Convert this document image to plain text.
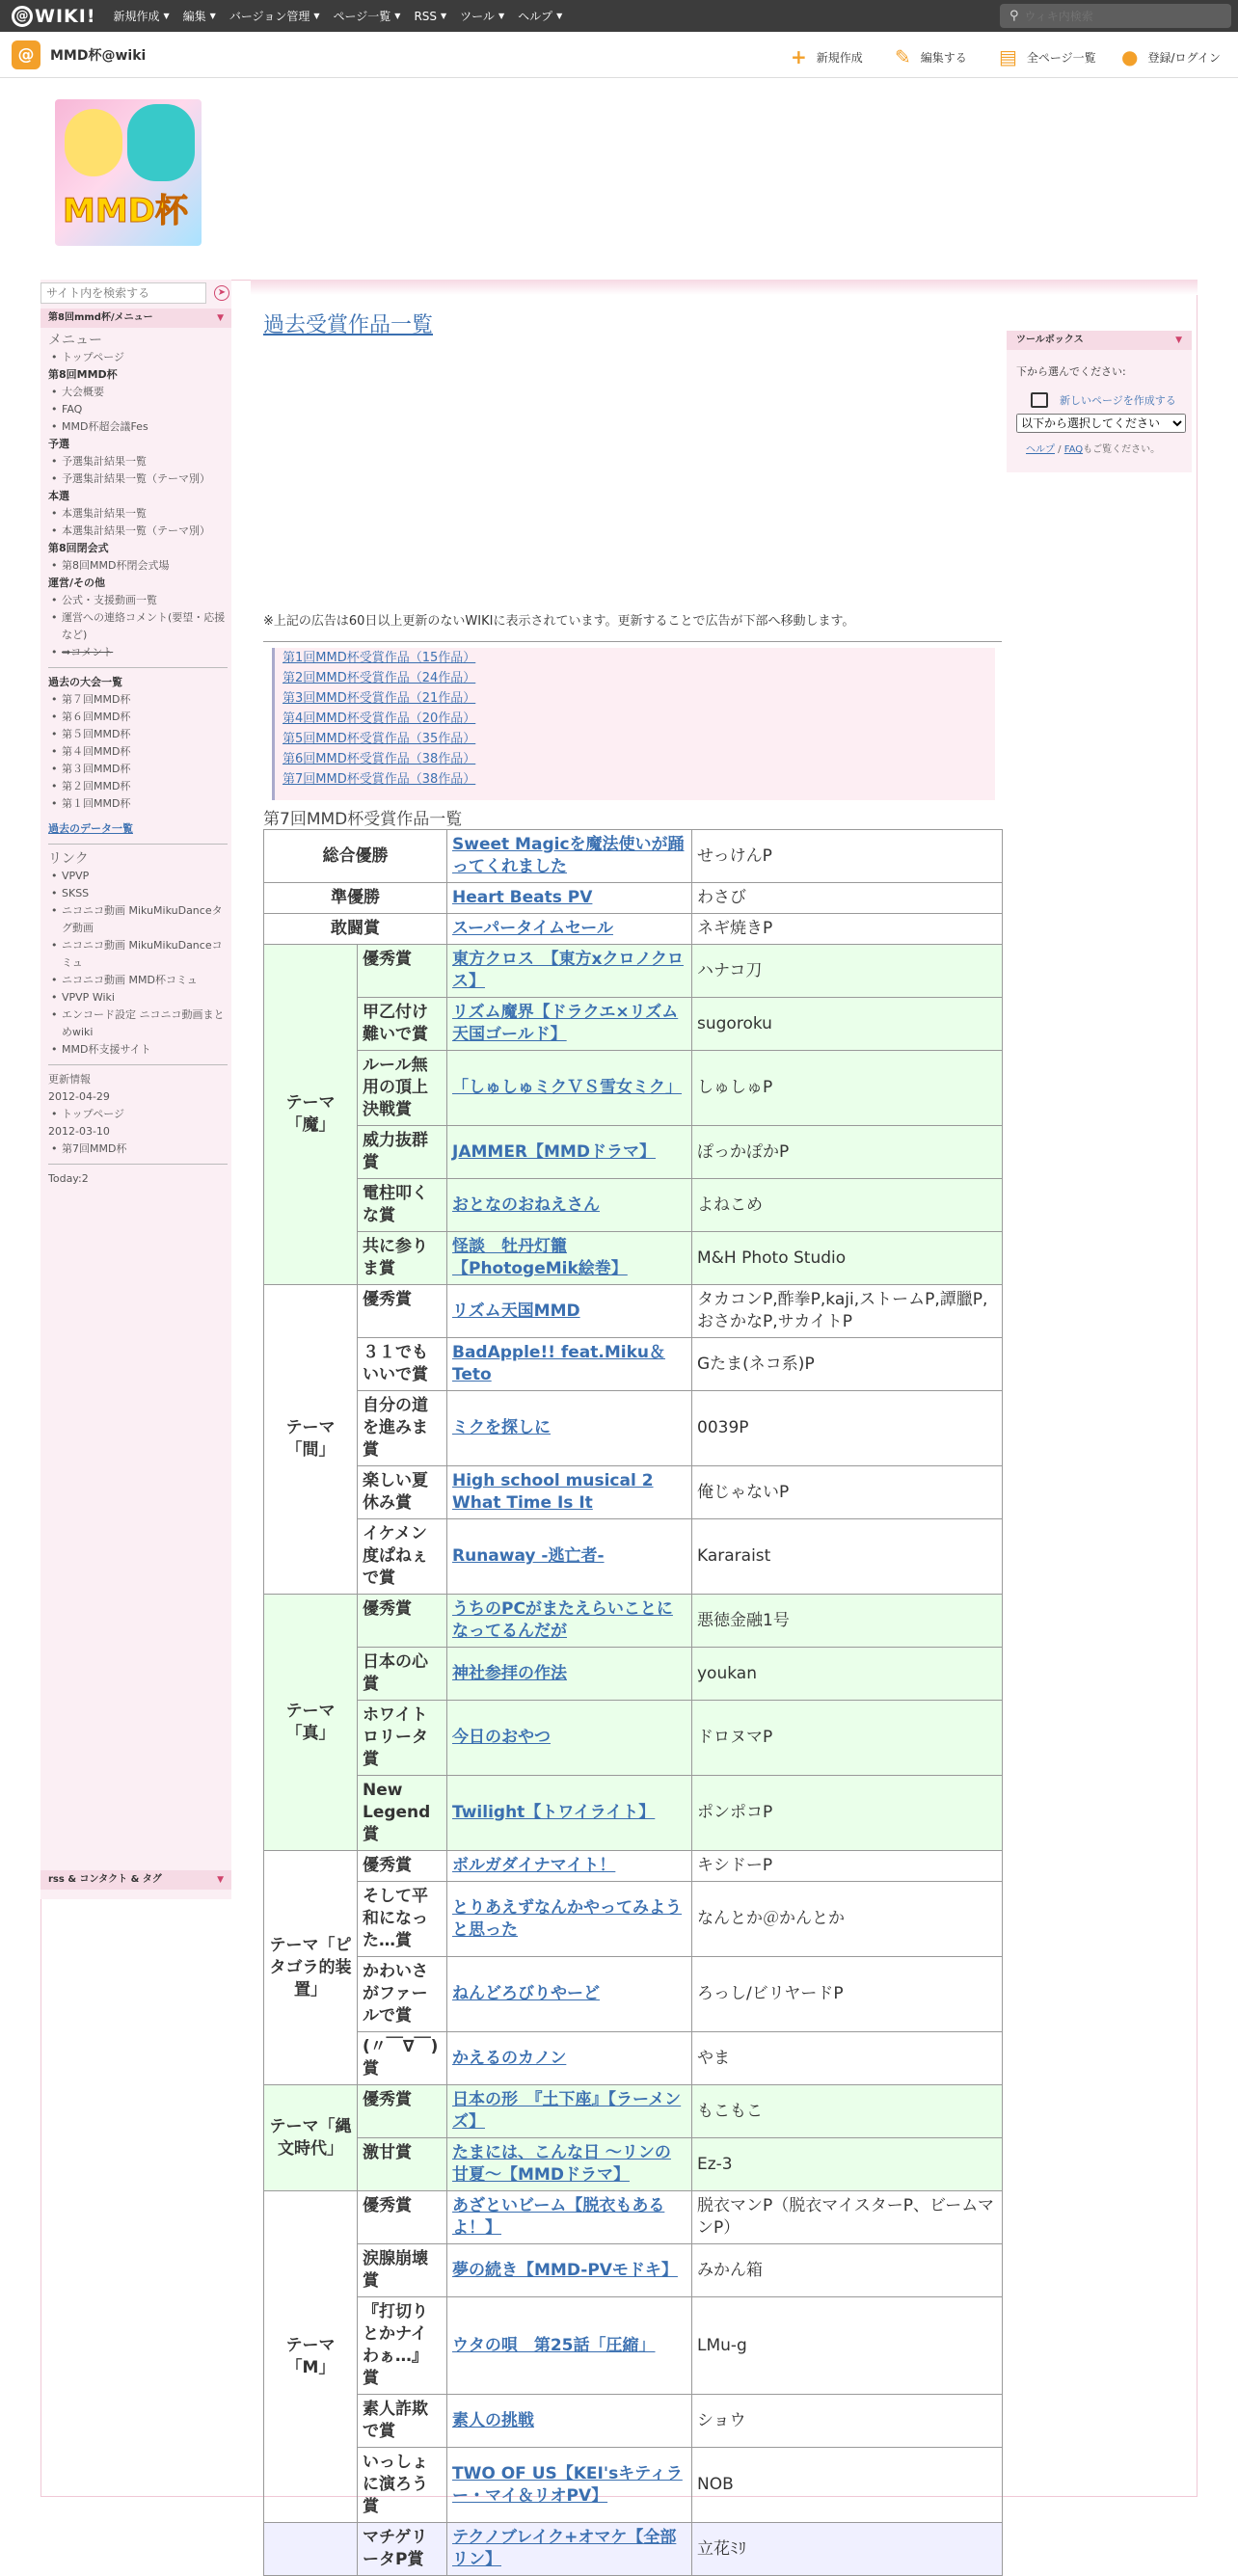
@ WIKI! 新規作成 ▼ 編集 ▼ バージョン管理 ▼ ページ一覧 ▼ RSS ▼ ツール ▼ ヘルプ ▼	⚲
ウィキ内検索
@	MMD杯@wiki	+ 新規作成 ✎ 編集する ▤ 全ページ一覧 ● 登録/ログイン
MMD杯
サイト内を検索する
➤
第8回mmd杯/メニュー	▼
メニュー
• トップページ
第8回MMD杯
• 大会概要
• FAQ
• MMD杯超会議Fes
予選
• 予選集計結果一覧
• 予選集計結果一覧（テーマ別）
本選
• 本選集計結果一覧
• 本選集計結果一覧（テーマ別）
第8回閉会式
• 第8回MMD杯閉会式場
運営/その他
• 公式・支援動画一覧
• 運営への連絡コメント(要望・応援など)
• ⇒コメント
過去の大会一覧
• 第７回MMD杯
• 第６回MMD杯
• 第５回MMD杯
• 第４回MMD杯
• 第３回MMD杯
• 第２回MMD杯
• 第１回MMD杯
過去のデータ一覧
リンク
• VPVP
• SKSS
• ニコニコ動画 MikuMikuDanceタグ動画
• ニコニコ動画 MikuMikuDanceコミュ
• ニコニコ動画 MMD杯コミュ
• VPVP Wiki
• エンコード設定 ニコニコ動画まとめwiki
• MMD杯支援サイト
更新情報
2012-04-29
• トップページ
2012-03-10
• 第7回MMD杯
Today:2
rss & コンタクト & タグ	▼
ツールボックス	▼
下から選んでください:
新しいページを作成する
以下から選択してください
ヘルプ / FAQもご覧ください。
過去受賞作品一覧
※上記の広告は60日以上更新のないWIKIに表示されています。更新することで広告が下部へ移動します。
第1回MMD杯受賞作品（15作品）
第2回MMD杯受賞作品（24作品）
第3回MMD杯受賞作品（21作品）
第4回MMD杯受賞作品（20作品）
第5回MMD杯受賞作品（35作品）
第6回MMD杯受賞作品（38作品）
第7回MMD杯受賞作品（38作品）
第7回MMD杯受賞作品一覧
総合優勝		Sweet Magicを魔法使いが踊ってくれました	せっけんP
準優勝		Heart Beats PV	わさび
敢闘賞		スーパータイムセール	ネギ焼きP
テーマ「魔」	優秀賞	東方クロス　【東方xクロノクロス】	ハナコ刀
	甲乙付け難いで賞	リズム魔界【ドラクエ×リズム天国ゴールド】	sugoroku
	ルール無用の頂上決戦賞	「しゅしゅミクＶＳ雪女ミク」	しゅしゅP
	威力抜群賞	JAMMER【MMDドラマ】	ぽっかぽかP
	電柱叩くな賞	おとなのおねえさん	よねこめ
	共に参りま賞	怪談　牡丹灯籠【PhotogeMik絵巻】	M&H Photo Studio
テーマ「間」	優秀賞	リズム天国MMD	タカコンP,酢拳P,kaji,ストームP,譚臘P,おさかなP,サカイトP
	３１でもいいで賞	BadApple!! feat.Miku＆Teto	Gたま(ネコ系)P
	自分の道を進みま賞	ミクを探しに	0039P
	楽しい夏休み賞	High school musical 2 What Time Is It	俺じゃないP
	イケメン度ぱねぇで賞	Runaway -逃亡者-	Kararaist
テーマ「真」	優秀賞	うちのPCがまたえらいことになってるんだが	悪徳金融1号
	日本の心賞	神社参拝の作法	youkan
	ホワイトロリータ賞	今日のおやつ	ドロヌマP
	New Legend賞	Twilight【トワイライト】	ポンポコP
テーマ「ピタゴラ的装置」	優秀賞	ボルガダイナマイト！	キシドーP
	そして平和になった…賞	とりあえずなんかやってみようと思った	なんとか＠かんとか
	かわいさがファールで賞	ねんどろびりやーど	ろっし/ビリヤードP
	(〃￣∇￣)賞	かえるのカノン	やま
テーマ「縄文時代」	優秀賞	日本の形　『土下座』【ラーメンズ】	もこもこ
	激甘賞	たまには、こんな日 ～リンの甘夏～【MMDドラマ】	Ez-3
テーマ「M」	優秀賞	あざといビーム【脱衣もあるよ！】	脱衣マンP（脱衣マイスターP、ビームマンP）
	涙腺崩壊賞	夢の続き【MMD-PVモドキ】	みかん箱
	『打切りとかナイわぁ…』賞	ウタの唄　第25話「圧縮」	LMu-g
	素人詐欺で賞	素人の挑戦	ショウ
	いっしょに演ろう賞	TWO OF US【KEI'sキティラー・マイ＆リオPV】	NOB
	マチゲリータP賞	テクノブレイク+オマケ【全部リン】	立花ﾐﾘ
